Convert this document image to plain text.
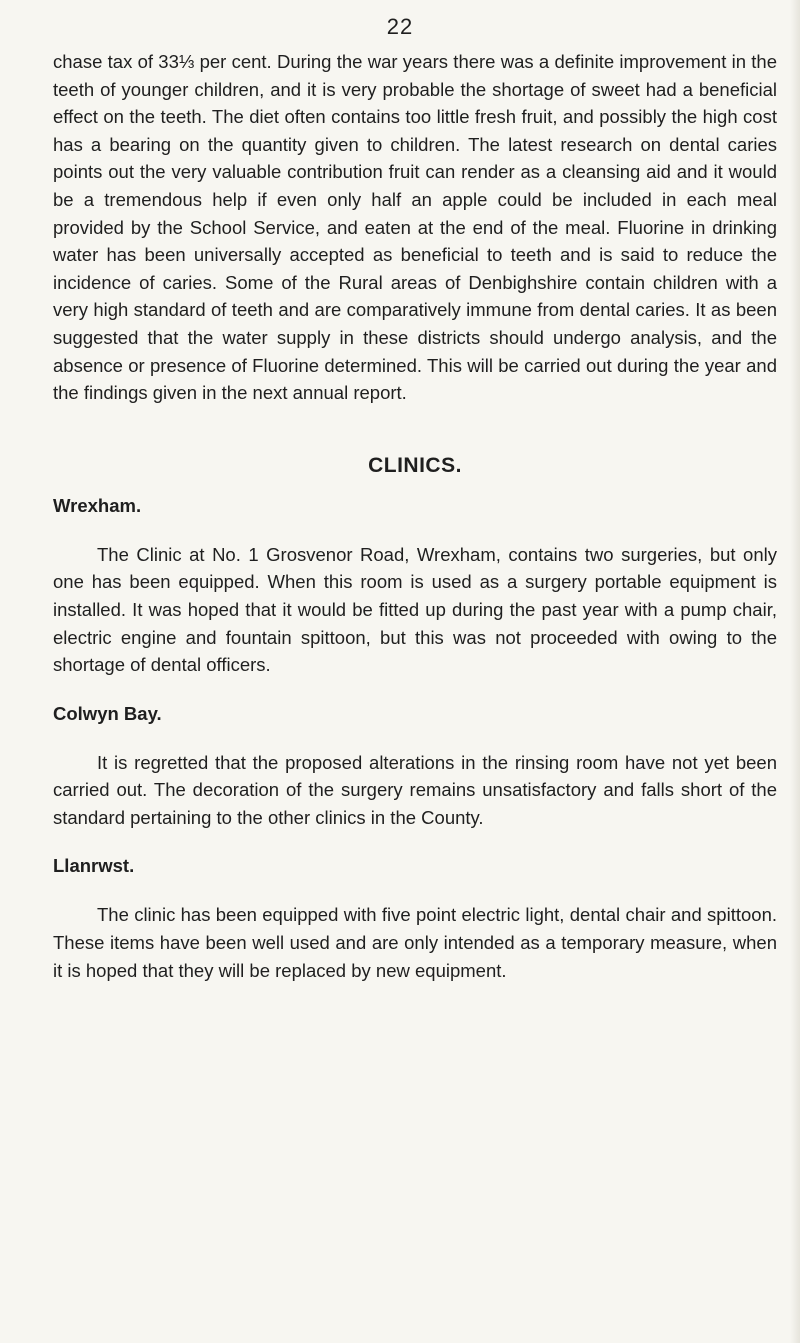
22

chase tax of 33⅓ per cent. During the war years there was a definite improvement in the teeth of younger children, and it is very probable the shortage of sweet had a beneficial effect on the teeth. The diet often contains too little fresh fruit, and possibly the high cost has a bearing on the quantity given to children. The latest research on dental caries points out the very valuable contribution fruit can render as a cleansing aid and it would be a tremendous help if even only half an apple could be included in each meal provided by the School Service, and eaten at the end of the meal. Fluorine in drinking water has been universally accepted as beneficial to teeth and is said to reduce the incidence of caries. Some of the Rural areas of Denbighshire contain children with a very high standard of teeth and are comparatively immune from dental caries. It as been suggested that the water supply in these districts should undergo analysis, and the absence or presence of Fluorine determined. This will be carried out during the year and the findings given in the next annual report.

CLINICS.
Wrexham.

The Clinic at No. 1 Grosvenor Road, Wrexham, contains two surgeries, but only one has been equipped. When this room is used as a surgery portable equipment is installed. It was hoped that it would be fitted up during the past year with a pump chair, electric engine and fountain spittoon, but this was not proceeded with owing to the shortage of dental officers.

Colwyn Bay.

It is regretted that the proposed alterations in the rinsing room have not yet been carried out. The decoration of the surgery remains unsatisfactory and falls short of the standard pertaining to the other clinics in the County.

Llanrwst.

The clinic has been equipped with five point electric light, dental chair and spittoon. These items have been well used and are only intended as a temporary measure, when it is hoped that they will be replaced by new equipment.
